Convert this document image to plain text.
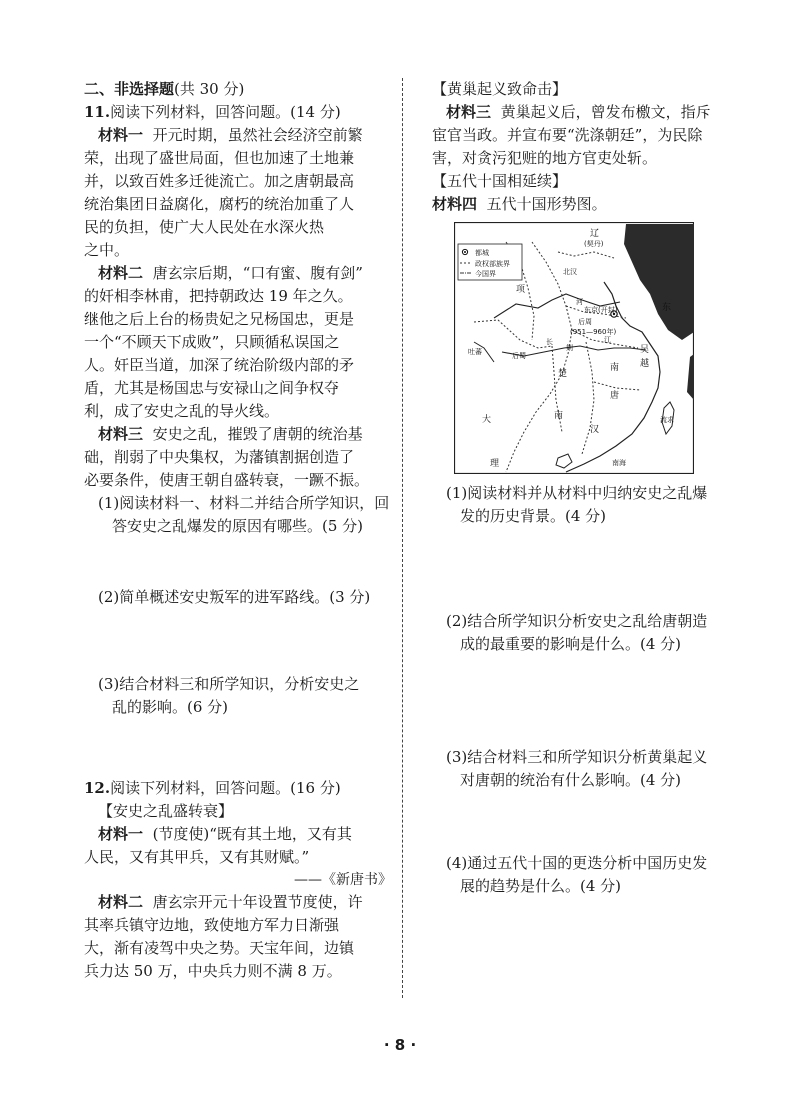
二、非选择题(共 30 分)

11.阅读下列材料，回答问题。(14 分)

材料一 开元时期，虽然社会经济空前繁

荣，出现了盛世局面，但也加速了土地兼

并，以致百姓多迁徙流亡。加之唐朝最高

统治集团日益腐化，腐朽的统治加重了人

民的负担，使广大人民处在水深火热

之中。

材料二 唐玄宗后期，“口有蜜、腹有剑”

的奸相李林甫，把持朝政达 19 年之久。

继他之后上台的杨贵妃之兄杨国忠，更是

一个“不顾天下成败”，只顾循私误国之

人。奸臣当道，加深了统治阶级内部的矛

盾，尤其是杨国忠与安禄山之间争权夺

利，成了安史之乱的导火线。

材料三 安史之乱，摧毁了唐朝的统治基

础，削弱了中央集权，为藩镇割据创造了

必要条件，使唐王朝自盛转衰，一蹶不振。

(1)阅读材料一、材料二并结合所学知识，回

答安史之乱爆发的原因有哪些。(5 分)

(2)简单概述安史叛军的进军路线。(3 分)

(3)结合材料三和所学知识，分析安史之

乱的影响。(6 分)

12.阅读下列材料，回答问题。(16 分)

【安史之乱盛转衰】

材料一 (节度使)“既有其土地，又有其

人民，又有其甲兵，又有其财赋。”

——《新唐书》

材料二 唐玄宗开元十年设置节度使，许

其率兵镇守边地，致使地方军力日渐强

大，渐有凌驾中央之势。天宝年间，边镇

兵力达 50 万，中央兵力则不满 8 万。

【黄巢起义致命击】

材料三 黄巢起义后，曾发布檄文，指斥

宦官当政。并宣布要“洗涤朝廷”，为民除

害，对贪污犯赃的地方官吏处斩。

【五代十国相延续】

材料四 五代十国形势图。

都城
政权部族界
今国界
辽
(契丹)
北汉
项
河
东京(开封)
后周
(951—960年)
东
吐蕃	后蜀
长	江
荆	吴
越	海
楚
南
唐
流求
大
理
南
汉
南海

(1)阅读材料并从材料中归纳安史之乱爆

发的历史背景。(4 分)

(2)结合所学知识分析安史之乱给唐朝造

成的最重要的影响是什么。(4 分)

(3)结合材料三和所学知识分析黄巢起义

对唐朝的统治有什么影响。(4 分)

(4)通过五代十国的更迭分析中国历史发

展的趋势是什么。(4 分)

· 8 ·
